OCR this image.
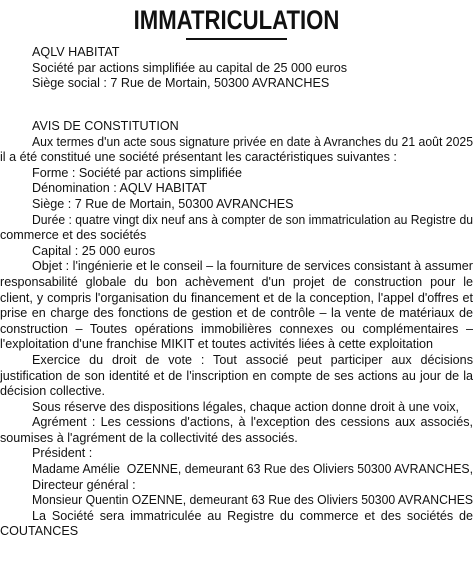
IMMATRICULATION
AQLV HABITAT
Société par actions simplifiée au capital de 25 000 euros
Siège social : 7 Rue de Mortain, 50300 AVRANCHES
AVIS DE CONSTITUTION
Aux termes d'un acte sous signature privée en date à Avranches du 21 août 2025
il a été constitué une société présentant les caractéristiques suivantes :
Forme : Société par actions simplifiée
Dénomination : AQLV HABITAT
Siège : 7 Rue de Mortain, 50300 AVRANCHES
Durée : quatre vingt dix neuf ans à compter de son immatriculation au Registre du
commerce et des sociétés
Capital : 25 000 euros
Objet : l'ingénierie et le conseil – la fourniture de services consistant à assumer
responsabilité globale du bon achèvement d'un projet de construction pour le
client, y compris l'organisation du financement et de la conception, l'appel d'offres et
prise en charge des fonctions de gestion et de contrôle – la vente de matériaux de
construction – Toutes opérations immobilières connexes ou complémentaires –
l'exploitation d'une franchise MIKIT et toutes activités liées à cette exploitation
Exercice du droit de vote : Tout associé peut participer aux décisions
justification de son identité et de l'inscription en compte de ses actions au jour de la
décision collective.
Sous réserve des dispositions légales, chaque action donne droit à une voix,
Agrément : Les cessions d'actions, à l'exception des cessions aux associés,
soumises à l'agrément de la collectivité des associés.
Président :
Madame Amélie  OZENNE, demeurant 63 Rue des Oliviers 50300 AVRANCHES,
Directeur général :
Monsieur Quentin OZENNE, demeurant 63 Rue des Oliviers 50300 AVRANCHES
La Société sera immatriculée au Registre du commerce et des sociétés de
COUTANCES
